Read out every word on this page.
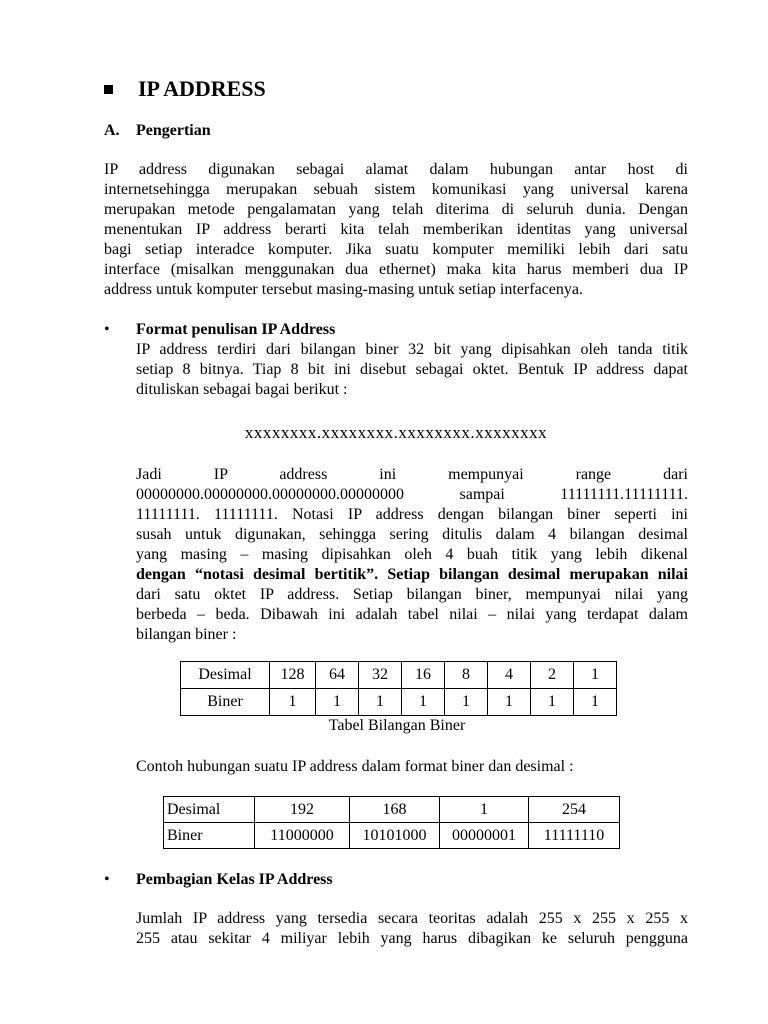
IP ADDRESS
A.	Pengertian
IP address digunakan sebagai alamat dalam hubungan antar host di
internetsehingga merupakan sebuah sistem komunikasi yang universal karena
merupakan metode pengalamatan yang telah diterima di seluruh dunia. Dengan
menentukan IP address berarti kita telah memberikan identitas yang universal
bagi setiap interadce komputer. Jika suatu komputer memiliki lebih dari satu
interface (misalkan menggunakan dua ethernet) maka kita harus memberi dua IP
address untuk komputer tersebut masing-masing untuk setiap interfacenya.
•	Format penulisan IP Address
IP address terdiri dari bilangan biner 32 bit yang dipisahkan oleh tanda titik
setiap 8 bitnya. Tiap 8 bit ini disebut sebagai oktet. Bentuk IP address dapat
dituliskan sebagai bagai berikut :
xxxxxxxx.xxxxxxxx.xxxxxxxx.xxxxxxxx
Jadi IP address ini mempunyai range dari
00000000.00000000.00000000.00000000 sampai 11111111.11111111.
11111111. 11111111. Notasi IP address dengan bilangan biner seperti ini
susah untuk digunakan, sehingga sering ditulis dalam 4 bilangan desimal
yang masing – masing dipisahkan oleh 4 buah titik yang lebih dikenal
dengan “notasi desimal bertitik”. Setiap bilangan desimal merupakan nilai
dari satu oktet IP address. Setiap bilangan biner, mempunyai nilai yang
berbeda – beda. Dibawah ini adalah tabel nilai – nilai yang terdapat dalam
bilangan biner :
Desimal	128	64	32	16	8	4	2	1
Biner	1	1	1	1	1	1	1	1
Tabel Bilangan Biner
Contoh hubungan suatu IP address dalam format biner dan desimal :
Desimal	192	168	1	254
Biner	11000000	10101000	00000001	11111110
•	Pembagian Kelas IP Address
Jumlah IP address yang tersedia secara teoritas adalah 255 x 255 x 255 x
255 atau sekitar 4 miliyar lebih yang harus dibagikan ke seluruh pengguna
